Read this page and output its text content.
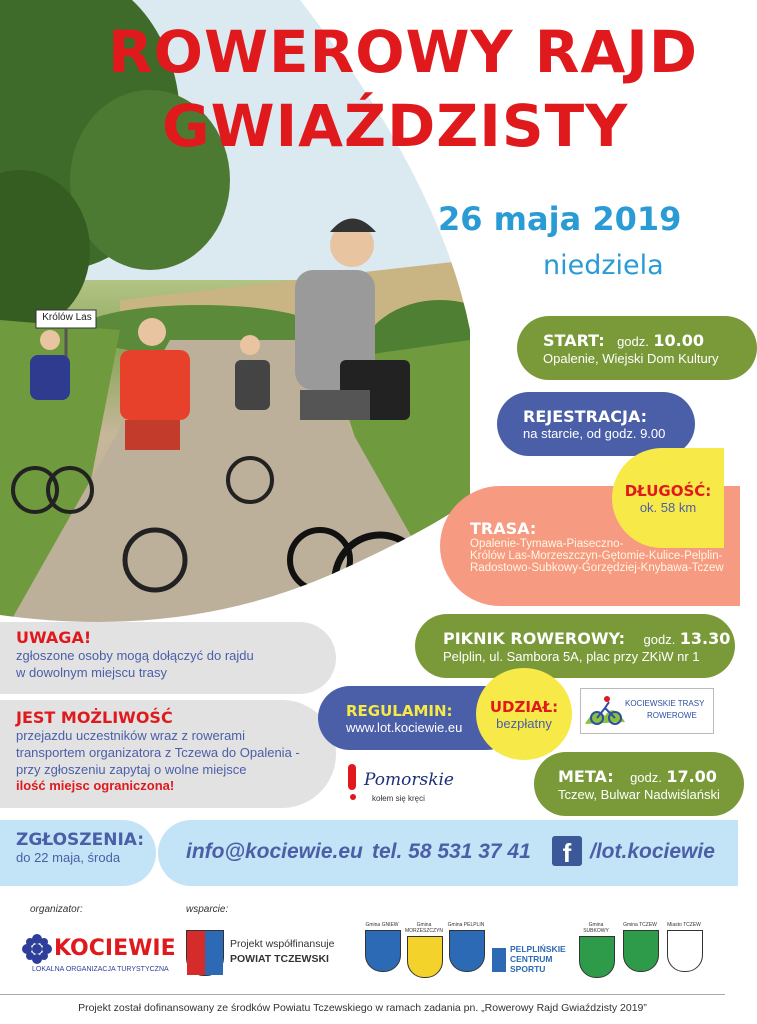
Królów Las
ROWEROWY RAJD
GWIAŹDZISTY
26 maja 2019
niedziela
START: godz. 10.00
Opalenie, Wiejski Dom Kultury
REJESTRACJA:
na starcie, od godz. 9.00
TRASA:
Opalenie-Tymawa-Piaseczno-
Królów Las-Morzeszczyn-Gętomie-Kulice-Pelplin-
Radostowo-Subkowy-Gorzędziej-Knybawa-Tczew
DŁUGOŚĆ:
ok. 58 km
PIKNIK ROWEROWY: godz. 13.30
Pelplin, ul. Sambora 5A, plac przy ZKiW nr 1
UWAGA!
zgłoszone osoby mogą dołączyć do rajdu
w dowolnym miejscu trasy
JEST MOŻLIWOŚĆ
przejazdu uczestników wraz z rowerami
transportem organizatora z Tczewa do Opalenia -
przy zgłoszeniu zapytaj o wolne miejsce
ilość miejsc ograniczona!
REGULAMIN:
www.lot.kociewie.eu
UDZIAŁ:
bezpłatny
KOCIEWSKIE TRASY
ROWEROWE
Pomorskie
kołem się kręci
META: godz. 17.00
Tczew, Bulwar Nadwiślański
ZGŁOSZENIA:
do 22 maja, środa	info@kociewie.eu tel. 58 531 37 41	f /lot.kociewie
organizator:
KOCIEWIE
LOKALNA ORGANIZACJA TURYSTYCZNA
wsparcie:
Projekt współfinansuje
POWIAT TCZEWSKI
Gmina GNIEW	Gmina MORZESZCZYN
Gmina PELPLIN
PELPLIŃSKIE
CENTRUM
SPORTU
Gmina SUBKOWY
Gmina TCZEW	Miasto TCZEW
Projekt został dofinansowany ze środków Powiatu Tczewskiego w ramach zadania pn. „Rowerowy Rajd Gwiaździsty 2019”
